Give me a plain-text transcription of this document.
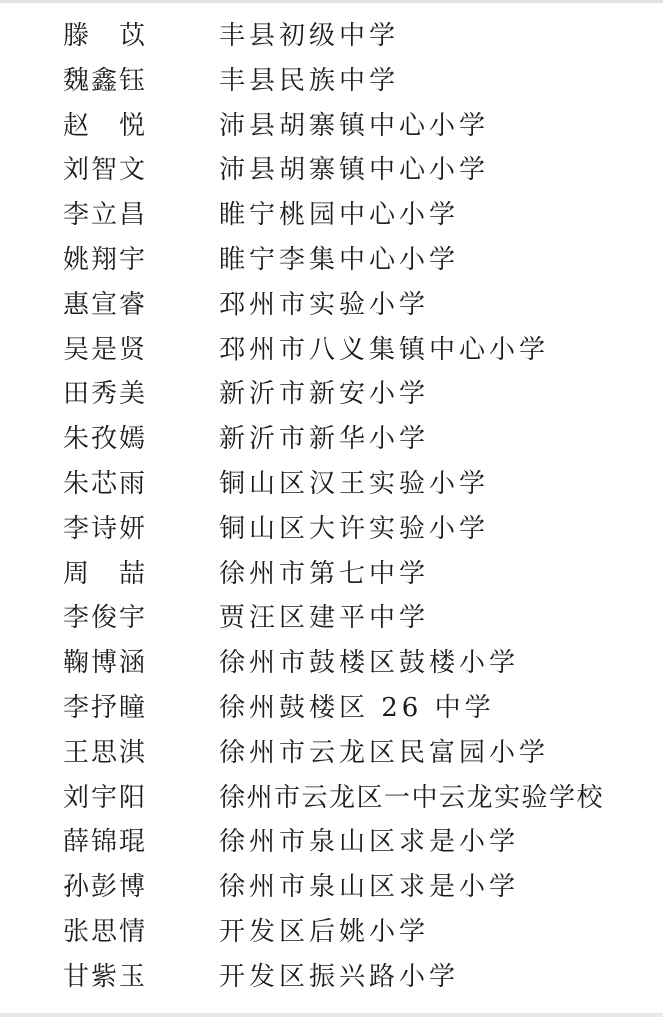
滕　苡	丰县初级中学
魏鑫钰	丰县民族中学
赵　悦	沛县胡寨镇中心小学
刘智文	沛县胡寨镇中心小学
李立昌	睢宁桃园中心小学
姚翔宇	睢宁李集中心小学
惠宣睿	邳州市实验小学
吴是贤	邳州市八义集镇中心小学
田秀美	新沂市新安小学
朱孜嫣	新沂市新华小学
朱芯雨	铜山区汉王实验小学
李诗妍	铜山区大许实验小学
周　喆	徐州市第七中学
李俊宇	贾汪区建平中学
鞠博涵	徐州市鼓楼区鼓楼小学
李抒瞳	徐州鼓楼区 26 中学
王思淇	徐州市云龙区民富园小学
刘宇阳	徐州市云龙区一中云龙实验学校
薛锦琨	徐州市泉山区求是小学
孙彭博	徐州市泉山区求是小学
张思情	开发区后姚小学
甘紫玉	开发区振兴路小学
